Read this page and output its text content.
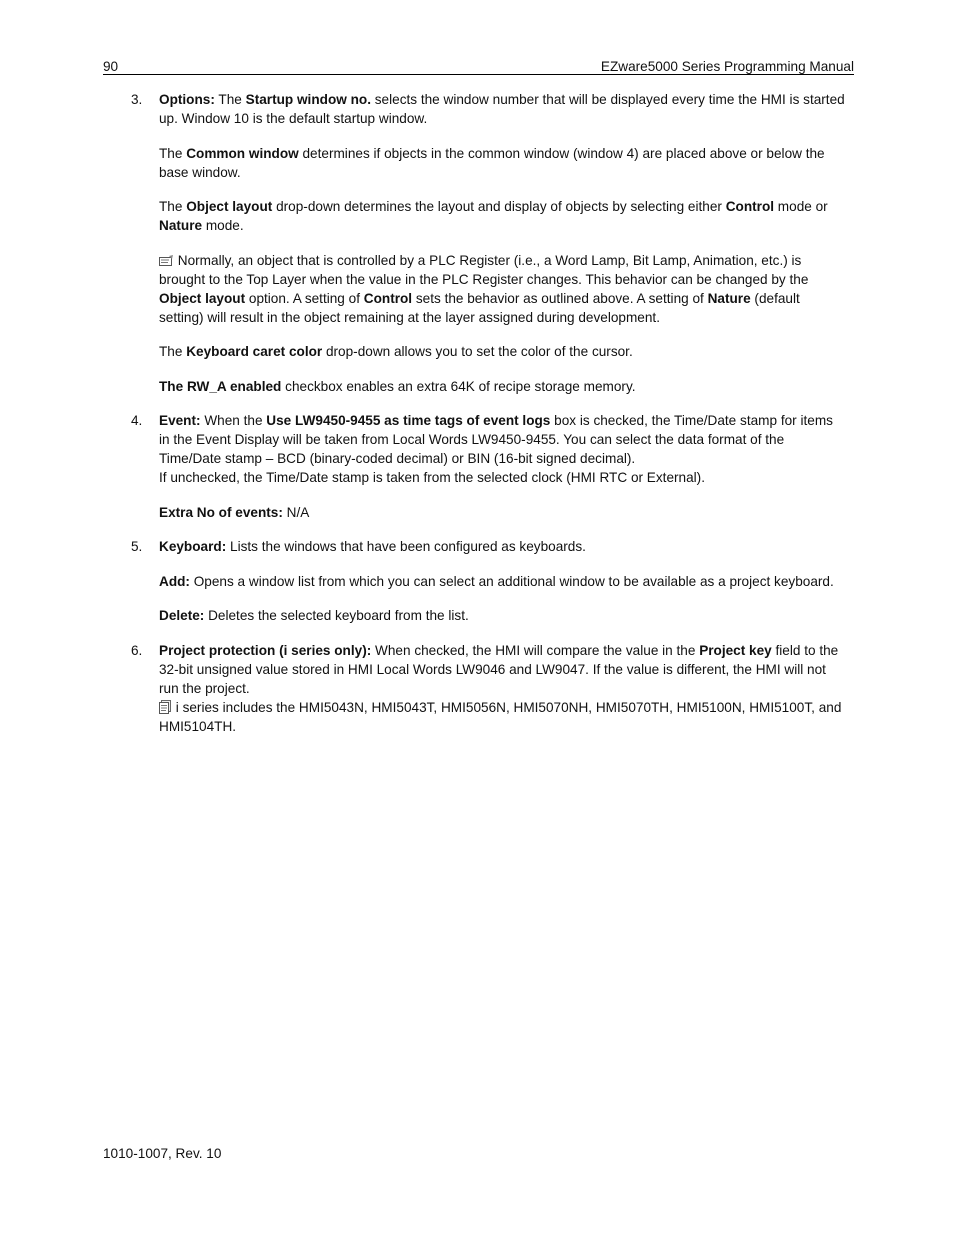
90	EZware5000 Series Programming Manual
3. Options: The Startup window no. selects the window number that will be displayed every time the HMI is started up. Window 10 is the default startup window.

The Common window determines if objects in the common window (window 4) are placed above or below the base window.

The Object layout drop-down determines the layout and display of objects by selecting either Control mode or Nature mode.

Normally, an object that is controlled by a PLC Register (i.e., a Word Lamp, Bit Lamp, Animation, etc.) is brought to the Top Layer when the value in the PLC Register changes. This behavior can be changed by the Object layout option. A setting of Control sets the behavior as outlined above. A setting of Nature (default setting) will result in the object remaining at the layer assigned during development.

The Keyboard caret color drop-down allows you to set the color of the cursor.

The RW_A enabled checkbox enables an extra 64K of recipe storage memory.

4. Event: When the Use LW9450-9455 as time tags of event logs box is checked, the Time/Date stamp for items in the Event Display will be taken from Local Words LW9450-9455. You can select the data format of the Time/Date stamp – BCD (binary-coded decimal) or BIN (16-bit signed decimal).
If unchecked, the Time/Date stamp is taken from the selected clock (HMI RTC or External).

Extra No of events: N/A

5. Keyboard: Lists the windows that have been configured as keyboards.

Add: Opens a window list from which you can select an additional window to be available as a project keyboard.

Delete: Deletes the selected keyboard from the list.

6. Project protection (i series only): When checked, the HMI will compare the value in the Project key field to the 32-bit unsigned value stored in HMI Local Words LW9046 and LW9047. If the value is different, the HMI will not run the project.
i series includes the HMI5043N, HMI5043T, HMI5056N, HMI5070NH, HMI5070TH, HMI5100N, HMI5100T, and HMI5104TH.

1010-1007, Rev. 10
